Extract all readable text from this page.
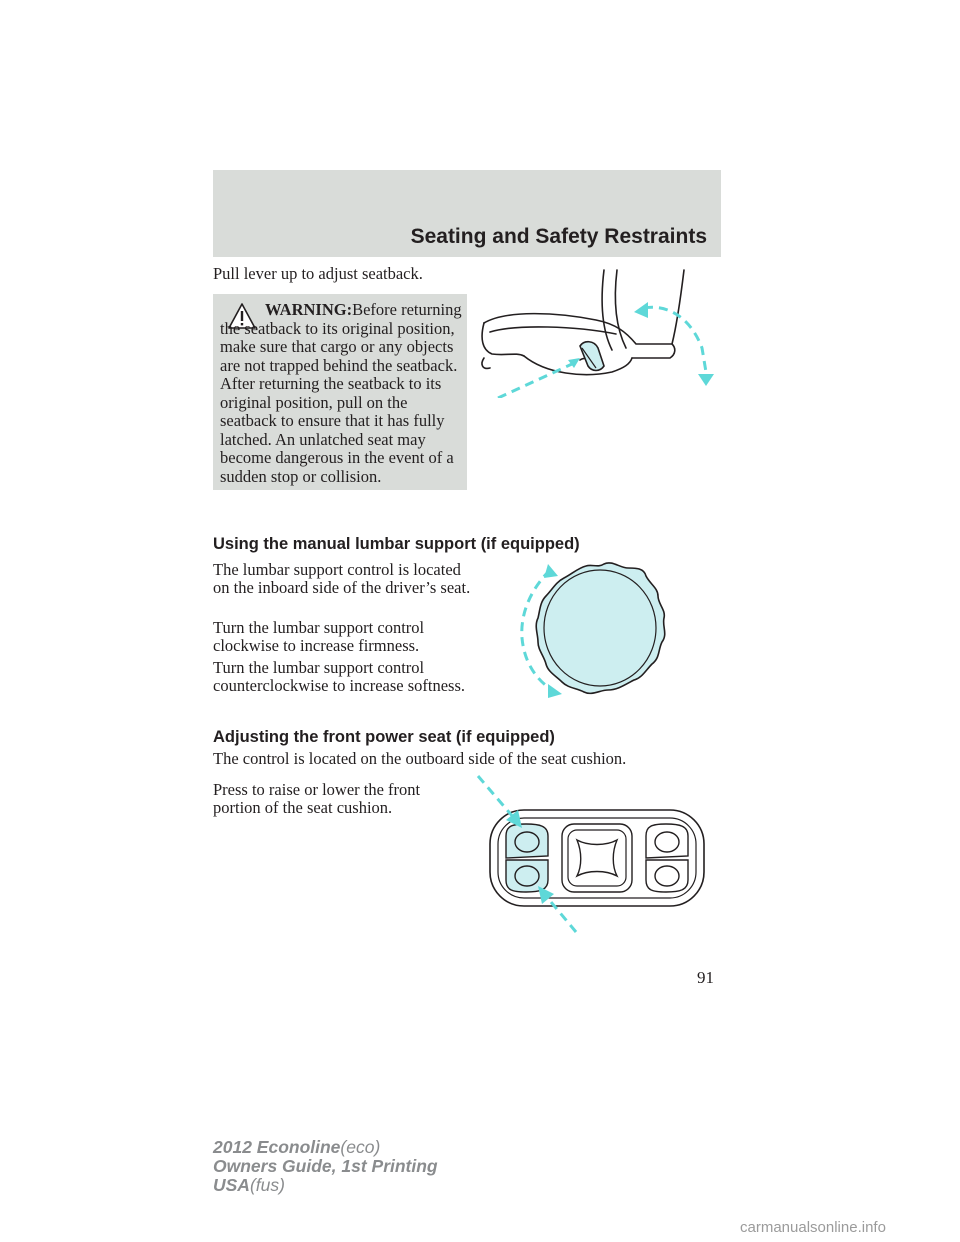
Seating and Safety Restraints

Pull lever up to adjust seatback.

WARNING:Before returning the seatback to its original position, make sure that cargo or any objects are not trapped behind the seatback. After returning the seatback to its original position, pull on the seatback to ensure that it has fully latched. An unlatched seat may become dangerous in the event of a sudden stop or collision.
Using the manual lumbar support (if equipped)

The lumbar support control is located on the inboard side of the driver’s seat.

Turn the lumbar support control clockwise to increase firmness.

Turn the lumbar support control counterclockwise to increase softness.

Adjusting the front power seat (if equipped)

The control is located on the outboard side of the seat cushion.

Press to raise or lower the front portion of the seat cushion.

91
2012 Econoline(eco)
Owners Guide, 1st Printing
USA(fus)
carmanualsonline.info
